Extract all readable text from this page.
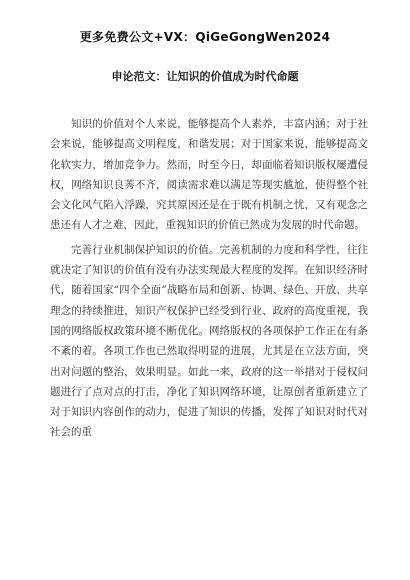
更多免费公文+VX：QiGeGongWen2024
申论范文：让知识的价值成为时代命题

知识的价值对个人来说，能够提高个人素养，丰富内涵；对于社会来说，能够提高文明程度，和谐发展；对于国家来说，能够提高文化软实力，增加竞争力。然而，时至今日，却面临着知识版权屡遭侵权，网络知识良莠不齐，阅读需求难以满足等现实尴尬，使得整个社会文化风气陷入浮躁，究其原因还是在于既有机制之忧，又有观念之患还有人才之难，因此，重视知识的价值已然成为发展的时代命题。

完善行业机制保护知识的价值。完善机制的力度和科学性，往往就决定了知识的价值有没有办法实现最大程度的发挥。在知识经济时代，随着国家“四个全面”战略布局和创新、协调、绿色、开放、共享理念的持续推进，知识产权保护已经受到行业、政府的高度重视，我国的网络版权政策环境不断优化。网络版权的各项保护工作正在有条不紊的着。各项工作也已然取得明显的进展，尤其是在立法方面，突出对问题的整治，效果明显。如此一来，政府的这一举措对于侵权问题进行了点对点的打击，净化了知识网络环境，让原创者重新建立了对于知识内容创作的动力，促进了知识的传播，发挥了知识对时代对社会的重
